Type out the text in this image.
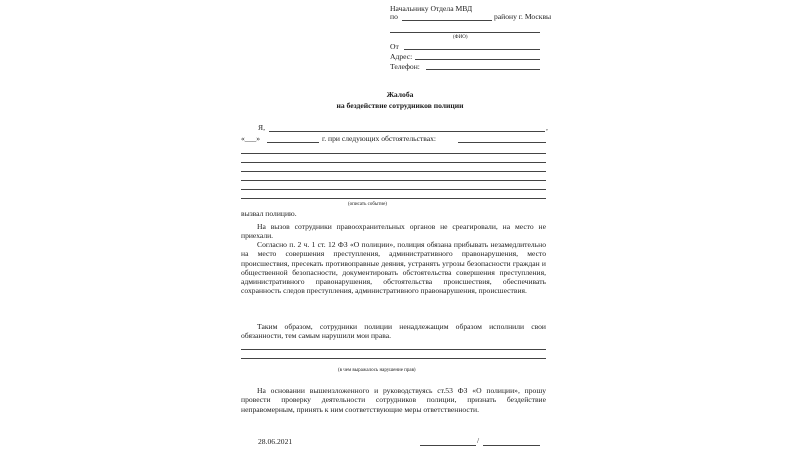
Начальнику Отдела МВД
по	району г. Москвы
(ФИО)
От
Адрес:
Телефон:
Жалоба
на бездействие сотрудников полиции
Я,	,
«___»	г. при следующих обстоятельствах:
(описать событие)
вызвал полицию.
На вызов сотрудники правоохранительных органов не среагировали, на место не приехали.
Согласно п. 2 ч. 1 ст. 12 ФЗ «О полиции», полиция обязана прибывать незамедлительно на место совершения преступления, административного правонарушения, место происшествия, пресекать противоправные деяния, устранять угрозы безопасности граждан и общественной безопасности, документировать обстоятельства совершения преступления, административного правонарушения, обстоятельства происшествия, обеспечивать сохранность следов преступления, административного правонарушения, происшествия.
Таким образом, сотрудники полиции ненадлежащим образом исполнили свои обязанности, тем самым нарушили мои права.
(в чем выражалось нарушение прав)
На основании вышеизложенного и руководствуясь ст.53 ФЗ «О полиции», прошу провести проверку деятельности сотрудников полиции, признать бездействие неправомерным, принять к ним соответствующие меры ответственности.
28.06.2021	/
